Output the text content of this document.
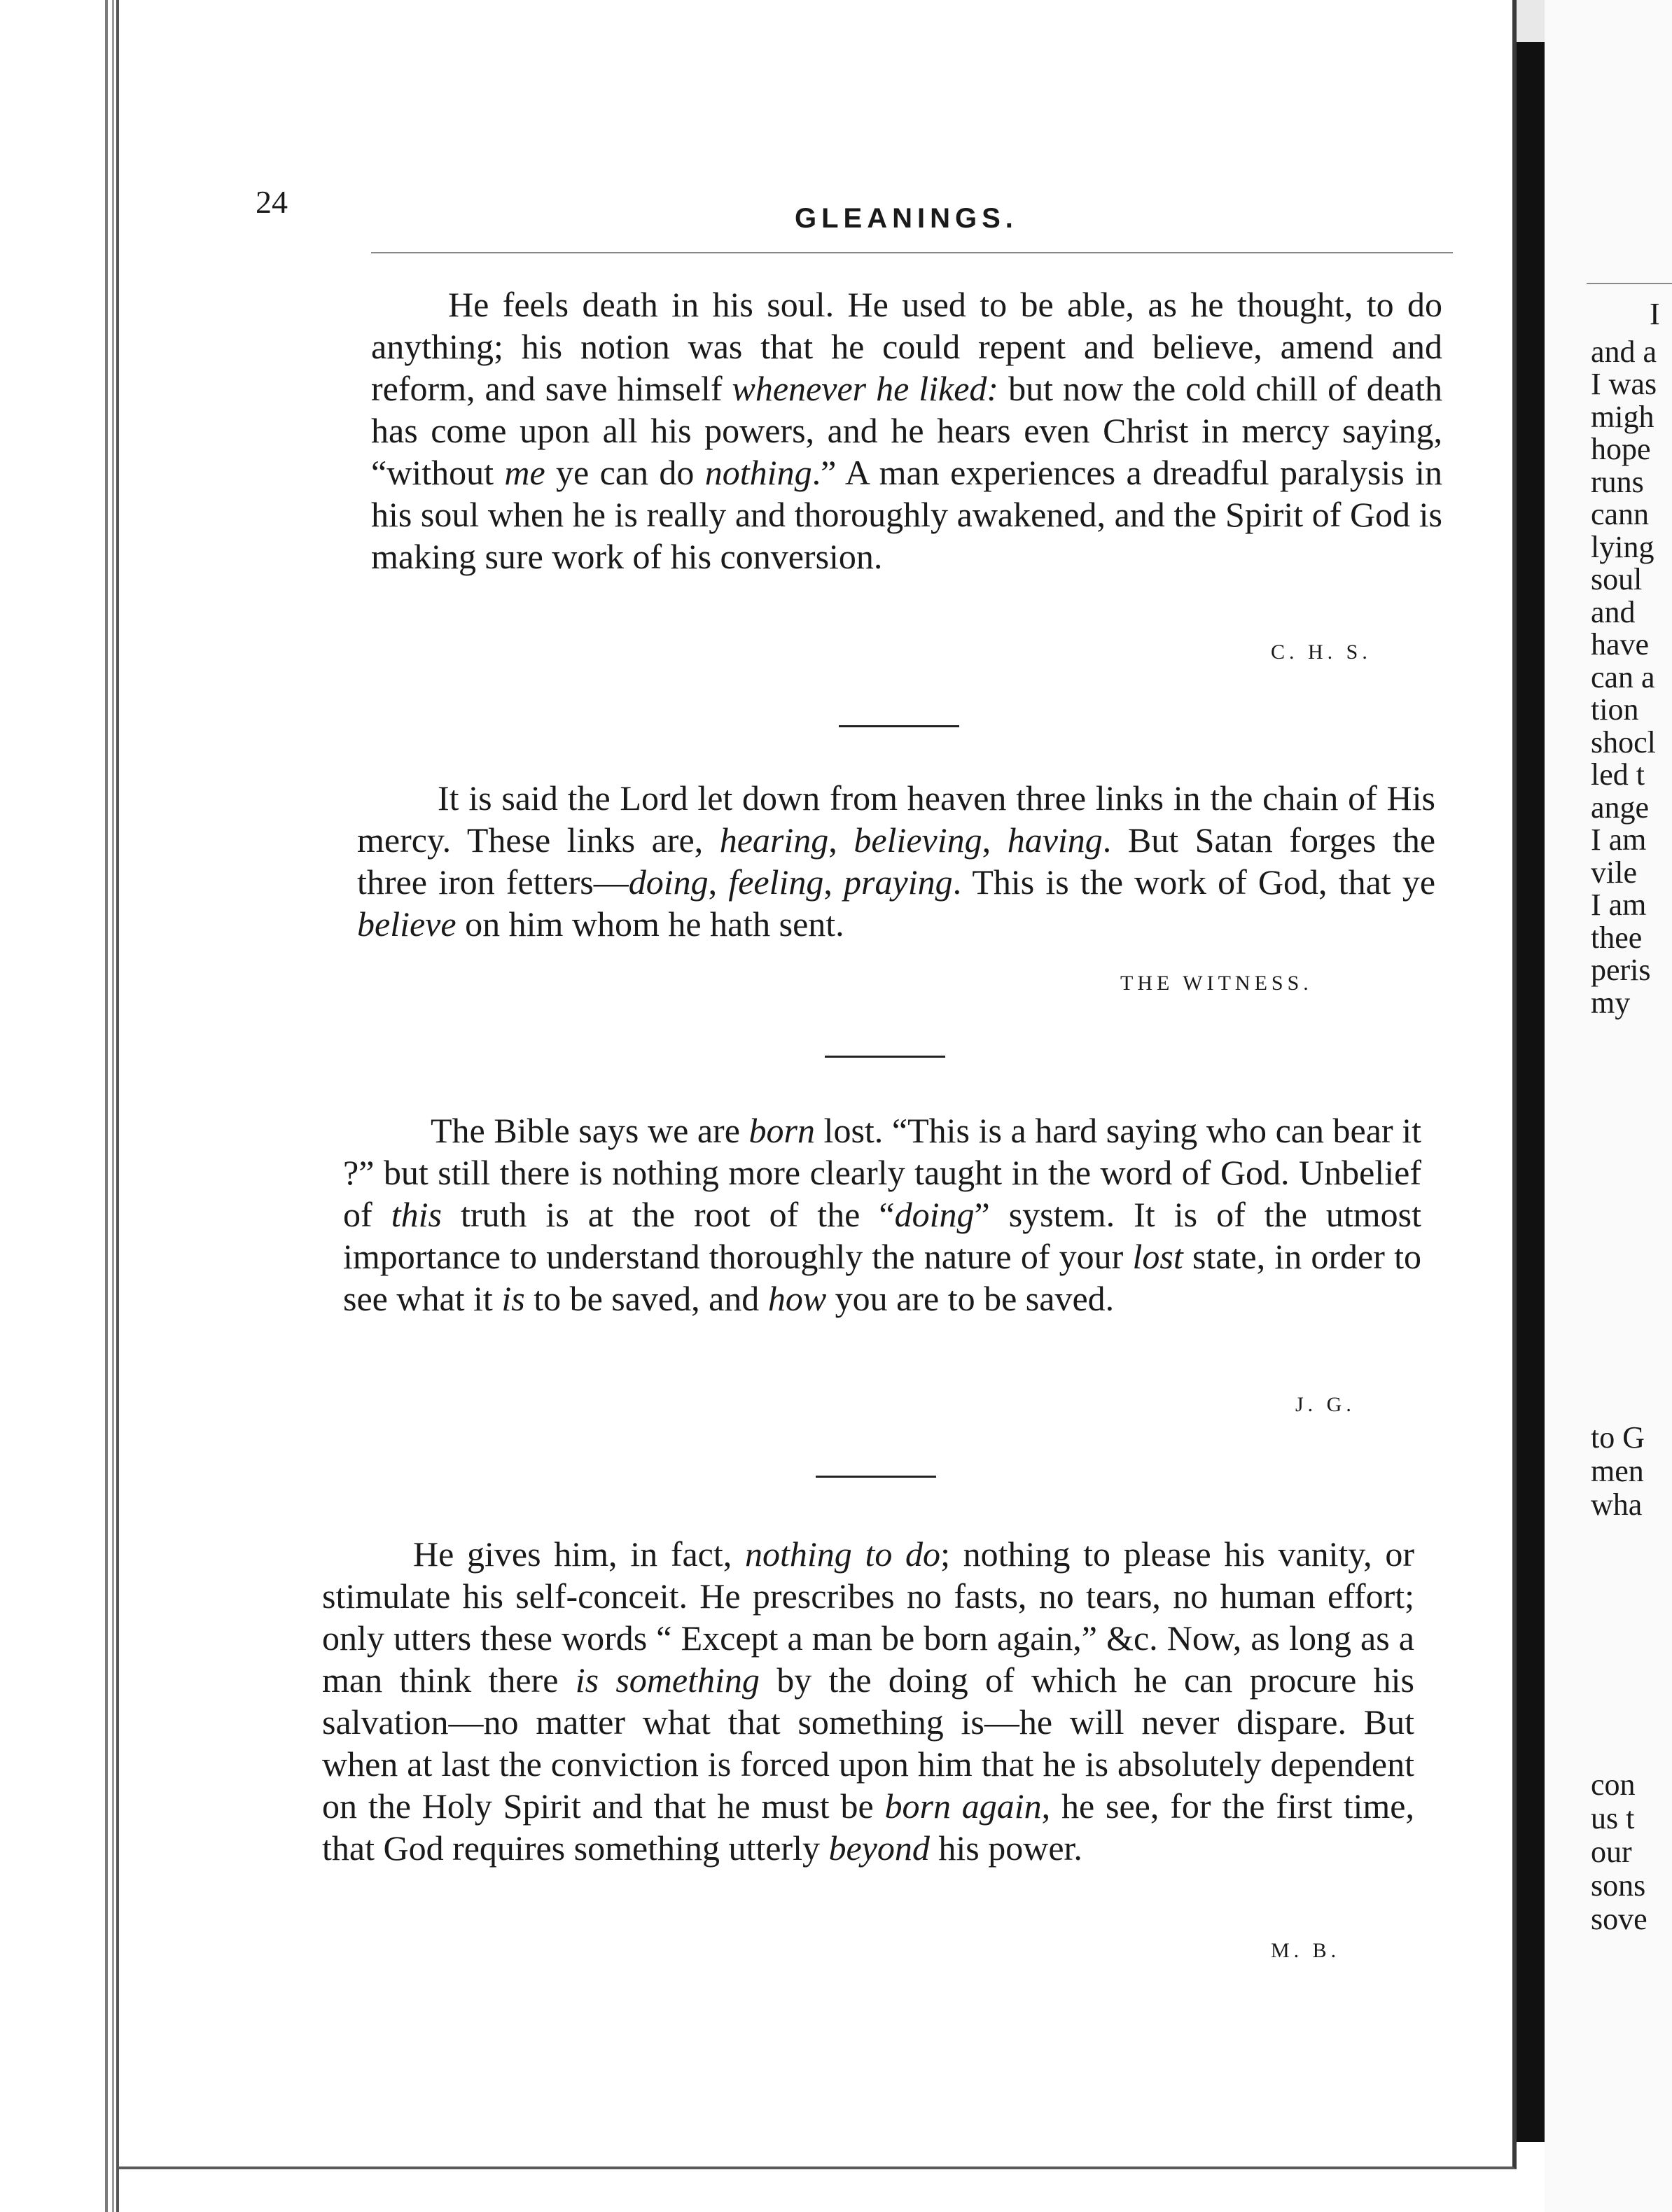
24	GLEANINGS.

He feels death in his soul. He used to be able, as he thought, to do anything; his notion was that he could repent and believe, amend and reform, and save himself whenever he liked: but now the cold chill of death has come upon all his powers, and he hears even Christ in mercy saying, “without me ye can do nothing.” A man experiences a dreadful paralysis in his soul when he is really and thoroughly awakened, and the Spirit of God is making sure work of his conversion.

C. H. S.

It is said the Lord let down from heaven three links in the chain of His mercy. These links are, hearing, believing, having. But Satan forges the three iron fetters—doing, feeling, praying. This is the work of God, that ye believe on him whom he hath sent.

THE WITNESS.

The Bible says we are born lost. “This is a hard saying who can bear it ?” but still there is nothing more clearly taught in the word of God. Unbelief of this truth is at the root of the “doing” system. It is of the utmost importance to understand thoroughly the nature of your lost state, in order to see what it is to be saved, and how you are to be saved.

J. G.

He gives him, in fact, nothing to do; nothing to please his vanity, or stimulate his self-conceit. He prescribes no fasts, no tears, no human effort; only utters these words “ Except a man be born again,” &c. Now, as long as a man think there is something by the doing of which he can procure his salvation—no matter what that something is—he will never dispare. But when at last the conviction is forced upon him that he is absolutely dependent on the Holy Spirit and that he must be born again, he see, for the first time, that God requires something utterly beyond his power.

M. B.
I
and a
I was
migh
hope
runs
cann
lying
soul
and
have
can a
tion
shocl
led t
ange
I am
vile
I am
thee
peris
my
to G
men
wha
con
us t
our
sons
sove
